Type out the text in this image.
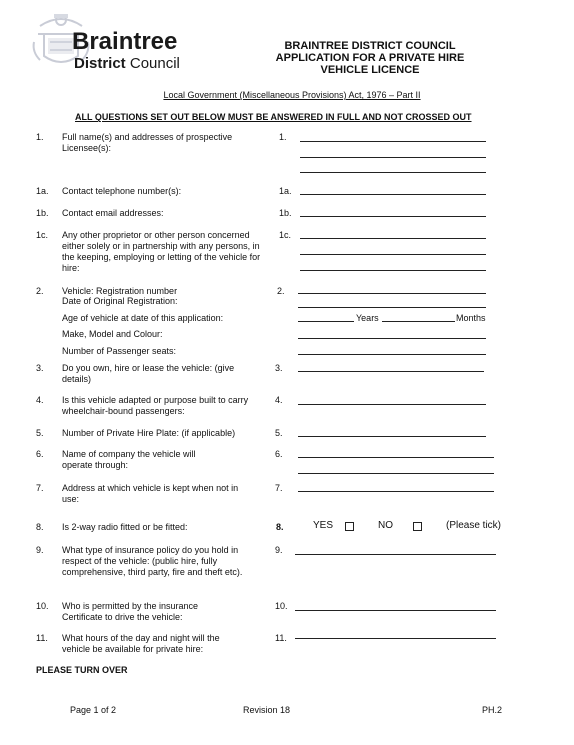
Braintree
District Council
BRAINTREE DISTRICT COUNCIL
APPLICATION FOR A PRIVATE HIRE
VEHICLE LICENCE
Local Government (Miscellaneous Provisions) Act, 1976 – Part II
ALL QUESTIONS SET OUT BELOW MUST BE ANSWERED IN FULL AND NOT CROSSED OUT
1. Full name(s) and addresses of prospective Licensee(s):
1.
1a. Contact telephone number(s):	1a.
1b. Contact email addresses:	1b.
1c. Any other proprietor or other person concerned either solely or in partnership with any persons, in the keeping, employing or letting of the vehicle for hire:
1c.
2. Vehicle: Registration number
Date of Original Registration:
2.
Age of vehicle at date of this application:	Years	Months
Make, Model and Colour:
Number of Passenger seats:
3. Do you own, hire or lease the vehicle: (give details)
3.
4. Is this vehicle adapted or purpose built to carry wheelchair-bound passengers:
4.
5. Number of Private Hire Plate: (if applicable)	5.
6. Name of company the vehicle will operate through:
6.
7. Address at which vehicle is kept when not in use:
7.
8. Is 2-way radio fitted or be fitted:	8.	YES	NO	(Please tick)
9. What type of insurance policy do you hold in respect of the vehicle: (public hire, fully comprehensive, third party, fire and theft etc).
9.
10. Who is permitted by the insurance Certificate to drive the vehicle:
10.
11. What hours of the day and night will the vehicle be available for private hire:
11.
PLEASE TURN OVER
Page 1 of 2	Revision 18	PH.2
